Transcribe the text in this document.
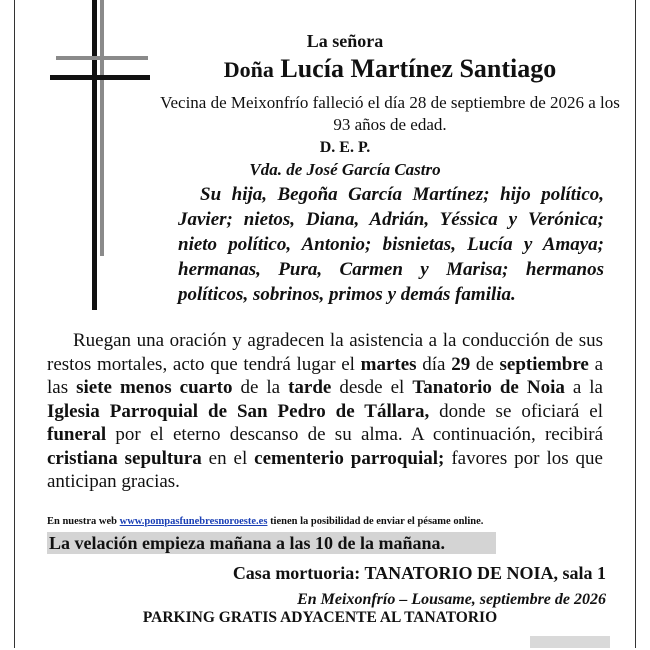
La señora

Doña Lucía Martínez Santiago

Vecina de Meixonfrío falleció el día 28 de septiembre de 2026 a los 93 años de edad.

D. E. P.

Vda. de José García Castro

Su hija, Begoña García Martínez; hijo político, Javier; nietos, Diana, Adrián, Yéssica y Verónica; nieto político, Antonio; bisnietas, Lucía y Amaya; hermanas, Pura, Carmen y Marisa; hermanos políticos, sobrinos, primos y demás familia.

Ruegan una oración y agradecen la asistencia a la conducción de sus restos mortales, acto que tendrá lugar el martes día 29 de septiembre a las siete menos cuarto de la tarde desde el Tanatorio de Noia a la Iglesia Parroquial de San Pedro de Tállara, donde se oficiará el funeral por el eterno descanso de su alma. A continuación, recibirá cristiana sepultura en el cementerio parroquial; favores por los que anticipan gracias.

En nuestra web www.pompasfunebresnoroeste.es tienen la posibilidad de enviar el pésame online.

La velación empieza mañana a las 10 de la mañana.

Casa mortuoria: TANATORIO DE NOIA, sala 1

En Meixonfrío – Lousame, septiembre de 2026

PARKING GRATIS ADYACENTE AL TANATORIO
